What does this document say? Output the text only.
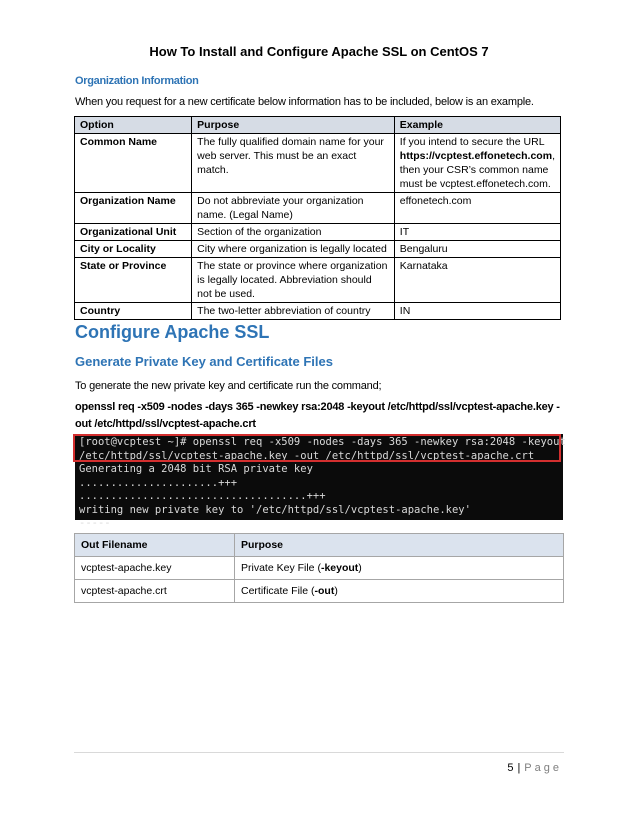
How To Install and Configure Apache SSL on CentOS 7
Organization Information
When you request for a new certificate below information has to be included, below is an example.
Option	Purpose	Example
Common Name	The fully qualified domain name for your web server. This must be an exact match.	If you intend to secure the URL https://vcptest.effonetech.com, then your CSR’s common name must be vcptest.effonetech.com.
Organization Name	Do not abbreviate your organization name. (Legal Name)	effonetech.com
Organizational Unit	Section of the organization	IT
City or Locality	City where organization is legally located	Bengaluru
State or Province	The state or province where organization is legally located. Abbreviation should not be used.	Karnataka
Country	The two-letter abbreviation of country	IN
Configure Apache SSL
Generate Private Key and Certificate Files
To generate the new private key and certificate run the command;
openssl req -x509 -nodes -days 365 -newkey rsa:2048 -keyout /etc/httpd/ssl/vcptest-apache.key -out /etc/httpd/ssl/vcptest-apache.crt
[root@vcptest ~]# openssl req -x509 -nodes -days 365 -newkey rsa:2048 -keyout
/etc/httpd/ssl/vcptest-apache.key -out /etc/httpd/ssl/vcptest-apache.crt
Generating a 2048 bit RSA private key
......................+++
....................................+++
writing new private key to '/etc/httpd/ssl/vcptest-apache.key'
-----
Out Filename	Purpose
vcptest-apache.key	Private Key File (-keyout)
vcptest-apache.crt	Certificate File (-out)
5 | Page
